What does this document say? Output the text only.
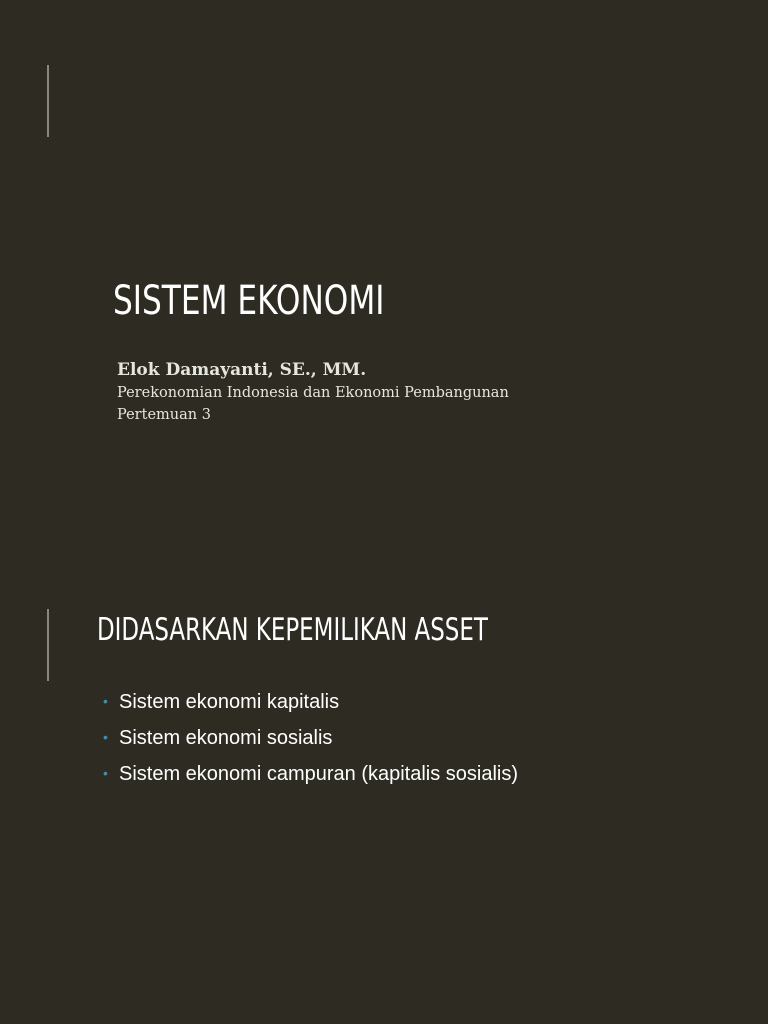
SISTEM EKONOMI
Elok Damayanti, SE., MM.
Perekonomian Indonesia dan Ekonomi Pembangunan
Pertemuan 3
DIDASARKAN KEPEMILIKAN ASSET
• Sistem ekonomi kapitalis
• Sistem ekonomi sosialis
• Sistem ekonomi campuran (kapitalis sosialis)
